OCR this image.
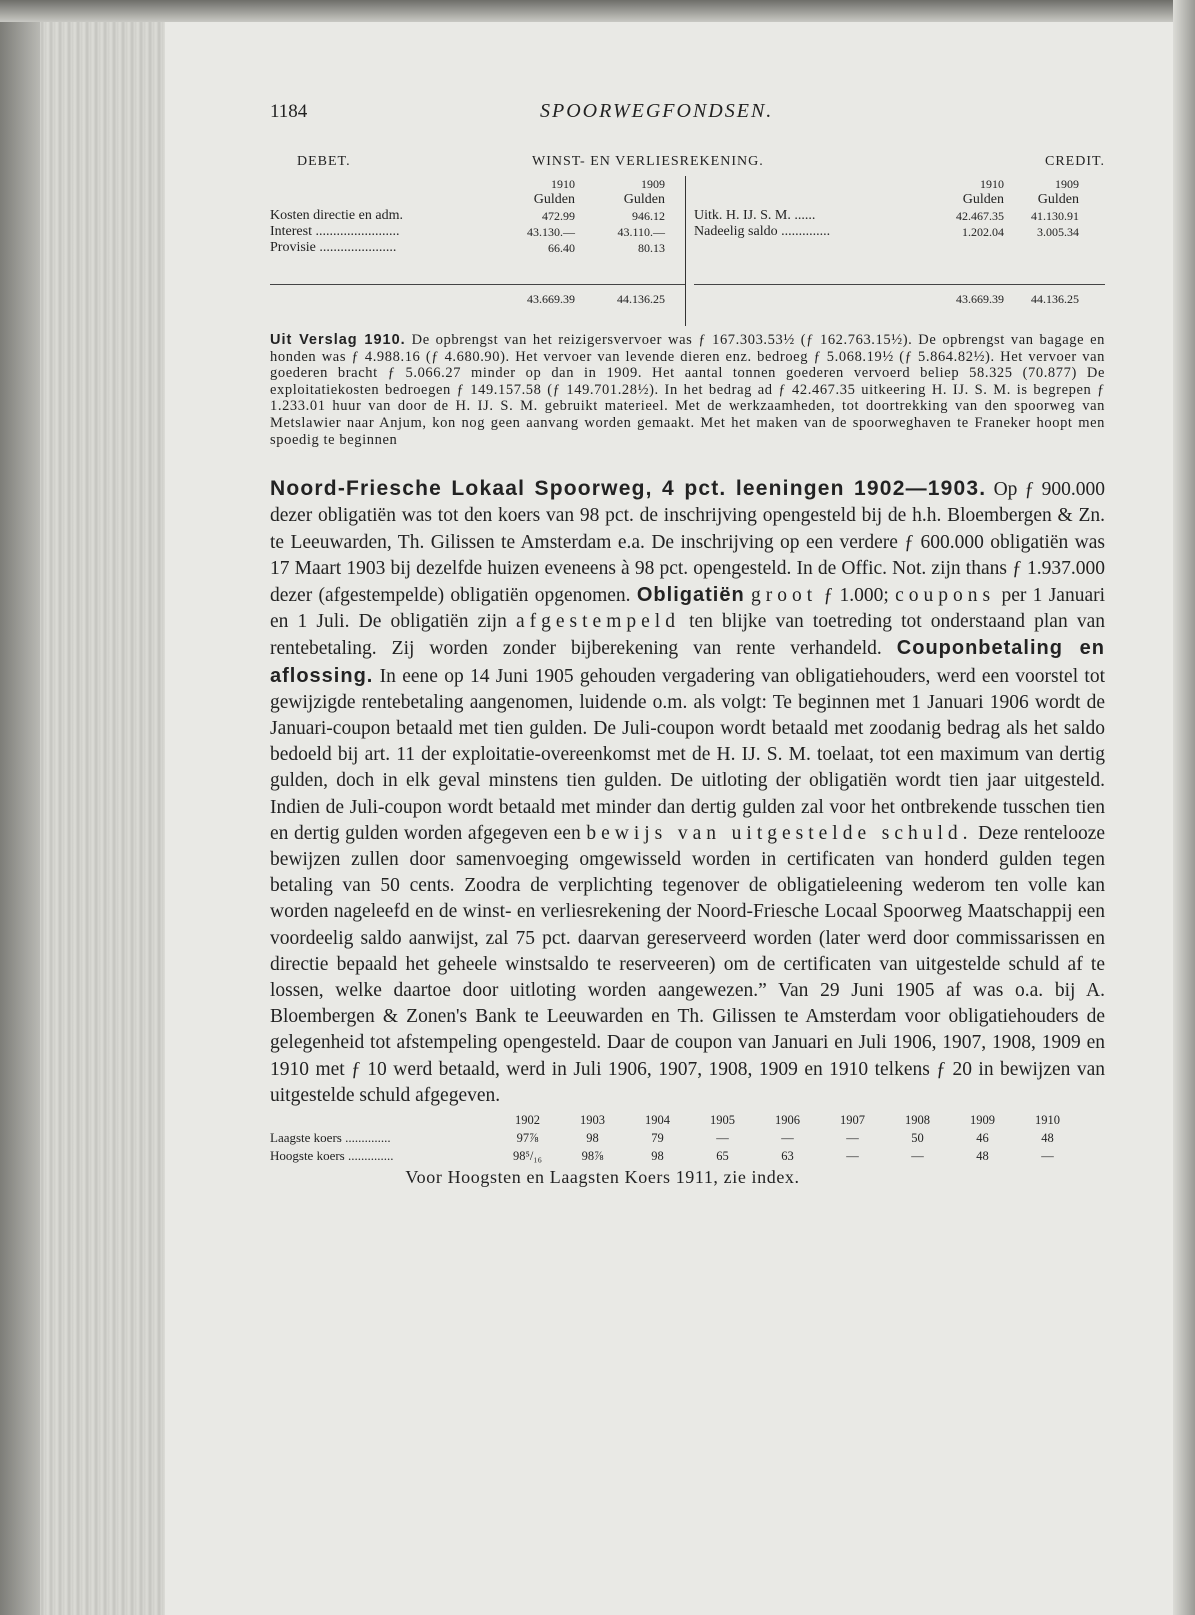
1184	SPOORWEGFONDSEN.
DEBET.	WINST- EN VERLIESREKENING.	CREDIT.
1910	1909
Gulden	Gulden
Kosten directie en adm.	472.99	946.12
Interest ........................	43.130.—	43.110.—
Provisie ......................	66.40	80.13
43.669.39	44.136.25
1910	1909
Gulden	Gulden
Uitk. H. IJ. S. M. ......	42.467.35	41.130.91
Nadeelig saldo ..............	1.202.04	3.005.34
43.669.39	44.136.25
Uit Verslag 1910. De opbrengst van het reizigersvervoer was ƒ 167.303.53½ (ƒ 162.763.15½). De opbrengst van bagage en honden was ƒ 4.988.16 (ƒ 4.680.90). Het vervoer van levende dieren enz. bedroeg ƒ 5.068.19½ (ƒ 5.864.82½). Het vervoer van goederen bracht ƒ 5.066.27 minder op dan in 1909. Het aantal tonnen goederen vervoerd beliep 58.325 (70.877) De exploitatiekosten bedroegen ƒ 149.157.58 (ƒ 149.701.28½). In het bedrag ad ƒ 42.467.35 uitkeering H. IJ. S. M. is begrepen ƒ 1.233.01 huur van door de H. IJ. S. M. gebruikt materieel. Met de werkzaamheden, tot doortrekking van den spoorweg van Metslawier naar Anjum, kon nog geen aanvang worden gemaakt. Met het maken van de spoorweghaven te Franeker hoopt men spoedig te beginnen
Noord-Friesche Lokaal Spoorweg, 4 pct. leeningen 1902—1903. Op ƒ 900.000 dezer obligatiën was tot den koers van 98 pct. de inschrijving opengesteld bij de h.h. Bloembergen & Zn. te Leeuwarden, Th. Gilissen te Amsterdam e.a. De inschrijving op een verdere ƒ 600.000 obligatiën was 17 Maart 1903 bij dezelfde huizen eveneens à 98 pct. opengesteld. In de Offic. Not. zijn thans ƒ 1.937.000 dezer (afgestempelde) obligatiën opgenomen. Obligatiën groot ƒ 1.000; coupons per 1 Januari en 1 Juli. De obligatiën zijn afgestempeld ten blijke van toetreding tot onderstaand plan van rentebetaling. Zij worden zonder bijberekening van rente verhandeld. Couponbetaling en aflossing. In eene op 14 Juni 1905 gehouden vergadering van obligatiehouders, werd een voorstel tot gewijzigde rentebetaling aangenomen, luidende o.m. als volgt: Te beginnen met 1 Januari 1906 wordt de Januari-coupon betaald met tien gulden. De Juli-coupon wordt betaald met zoodanig bedrag als het saldo bedoeld bij art. 11 der exploitatie-overeenkomst met de H. IJ. S. M. toelaat, tot een maximum van dertig gulden, doch in elk geval minstens tien gulden. De uitloting der obligatiën wordt tien jaar uitgesteld. Indien de Juli-coupon wordt betaald met minder dan dertig gulden zal voor het ontbrekende tusschen tien en dertig gulden worden afgegeven een bewijs van uitgestelde schuld. Deze renteloоze bewijzen zullen door samenvoeging omgewisseld worden in certificaten van honderd gulden tegen betaling van 50 cents. Zoodra de verplichting tegenover de obligatieleening wederom ten volle kan worden nageleefd en de winst- en verliesrekening der Noord-Friesche Locaal Spoorweg Maatschappij een voordeelig saldo aanwijst, zal 75 pct. daarvan gereserveerd worden (later werd door commissarissen en directie bepaald het geheele winstsaldo te reserveeren) om de certificaten van uitgestelde schuld af te lossen, welke daartoe door uitloting worden aangewezen.” Van 29 Juni 1905 af was o.a. bij A. Bloembergen & Zonen's Bank te Leeuwarden en Th. Gilissen te Amsterdam voor obligatiehouders de gelegenheid tot afstempeling opengesteld. Daar de coupon van Januari en Juli 1906, 1907, 1908, 1909 en 1910 met ƒ 10 werd betaald, werd in Juli 1906, 1907, 1908, 1909 en 1910 telkens ƒ 20 in bewijzen van uitgestelde schuld afgegeven.
1902	1903	1904	1905	1906	1907	1908	1909	1910
Laagste koers ..............	97⅞	98	79	—	—	—	50	46	48
Hoogste koers ..............	98⁵/₁₆	98⅞	98	65	63	—	—	48	—
Voor Hoogsten en Laagsten Koers 1911, zie index.
